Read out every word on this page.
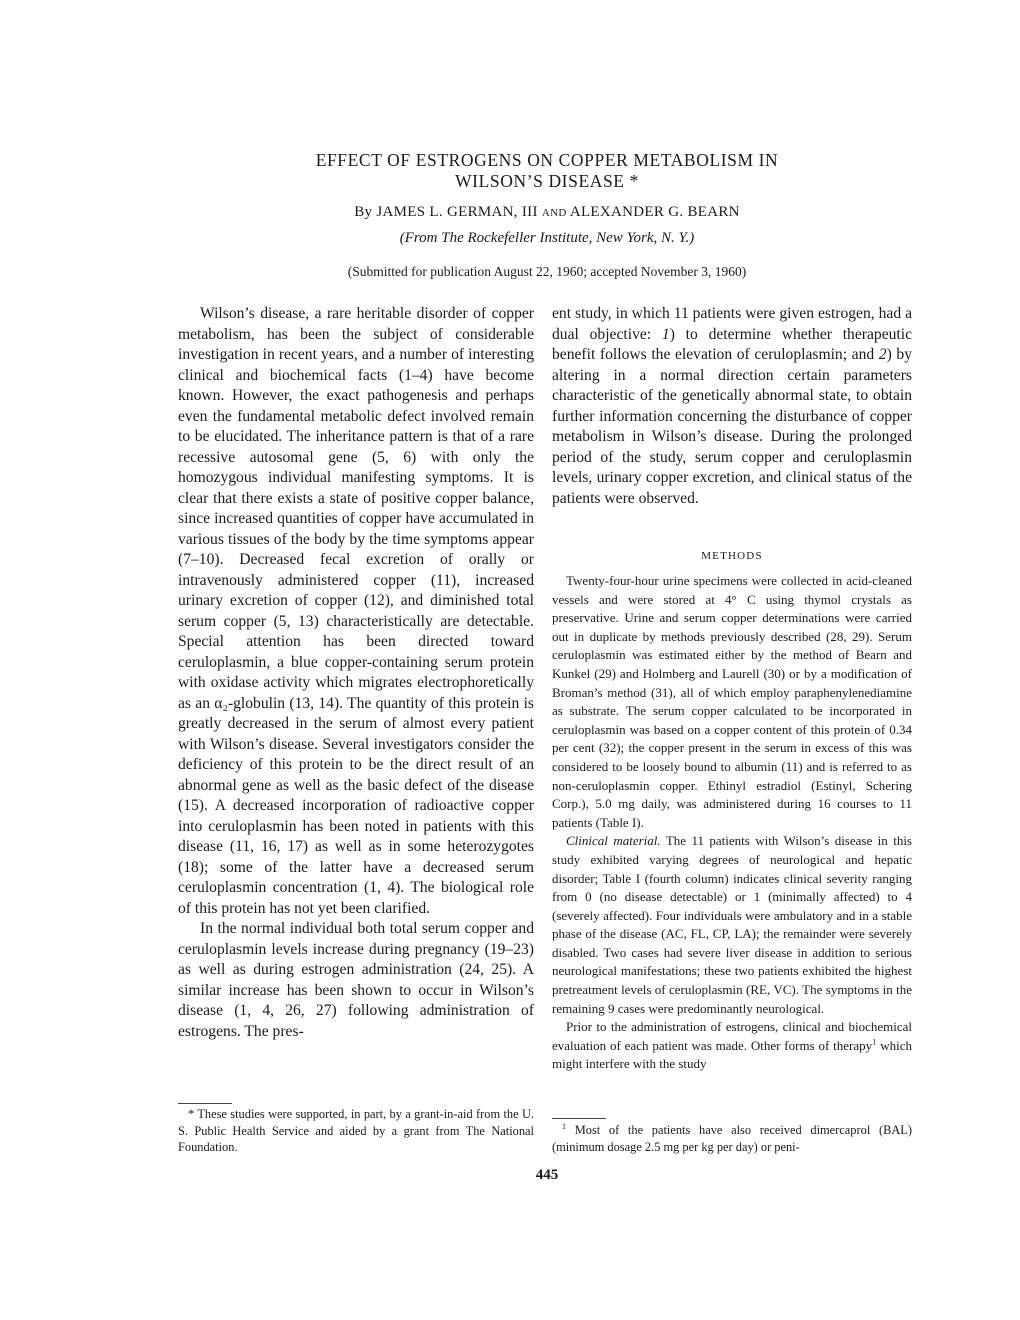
EFFECT OF ESTROGENS ON COPPER METABOLISM IN
WILSON’S DISEASE *
By JAMES L. GERMAN, III AND ALEXANDER G. BEARN
(From The Rockefeller Institute, New York, N. Y.)
(Submitted for publication August 22, 1960; accepted November 3, 1960)

Wilson’s disease, a rare heritable disorder of copper metabolism, has been the subject of considerable investigation in recent years, and a number of interesting clinical and biochemical facts (1–4) have become known. However, the exact pathogenesis and perhaps even the fundamental metabolic defect involved remain to be elucidated. The inheritance pattern is that of a rare recessive autosomal gene (5, 6) with only the homozygous individual manifesting symptoms. It is clear that there exists a state of positive copper balance, since increased quantities of copper have accumulated in various tissues of the body by the time symptoms appear (7–10). Decreased fecal excretion of orally or intravenously administered copper (11), increased urinary excretion of copper (12), and diminished total serum copper (5, 13) characteristically are detectable. Special attention has been directed toward ceruloplasmin, a blue copper-containing serum protein with oxidase activity which migrates electrophoretically as an α₂-globulin (13, 14). The quantity of this protein is greatly decreased in the serum of almost every patient with Wilson’s disease. Several investigators consider the deficiency of this protein to be the direct result of an abnormal gene as well as the basic defect of the disease (15). A decreased incorporation of radioactive copper into ceruloplasmin has been noted in patients with this disease (11, 16, 17) as well as in some heterozygotes (18); some of the latter have a decreased serum ceruloplasmin concentration (1, 4). The biological role of this protein has not yet been clarified.

In the normal individual both total serum copper and ceruloplasmin levels increase during pregnancy (19–23) as well as during estrogen administration (24, 25). A similar increase has been shown to occur in Wilson’s disease (1, 4, 26, 27) following administration of estrogens. The pres-

ent study, in which 11 patients were given estrogen, had a dual objective: 1) to determine whether therapeutic benefit follows the elevation of ceruloplasmin; and 2) by altering in a normal direction certain parameters characteristic of the genetically abnormal state, to obtain further information concerning the disturbance of copper metabolism in Wilson’s disease. During the prolonged period of the study, serum copper and ceruloplasmin levels, urinary copper excretion, and clinical status of the patients were observed.

METHODS

Twenty-four-hour urine specimens were collected in acid-cleaned vessels and were stored at 4° C using thymol crystals as preservative. Urine and serum copper determinations were carried out in duplicate by methods previously described (28, 29). Serum ceruloplasmin was estimated either by the method of Bearn and Kunkel (29) and Holmberg and Laurell (30) or by a modification of Broman’s method (31), all of which employ paraphenylenediamine as substrate. The serum copper calculated to be incorporated in ceruloplasmin was based on a copper content of this protein of 0.34 per cent (32); the copper present in the serum in excess of this was considered to be loosely bound to albumin (11) and is referred to as non-ceruloplasmin copper. Ethinyl estradiol (Estinyl, Schering Corp.), 5.0 mg daily, was administered during 16 courses to 11 patients (Table I).

Clinical material. The 11 patients with Wilson’s disease in this study exhibited varying degrees of neurological and hepatic disorder; Table I (fourth column) indicates clinical severity ranging from 0 (no disease detectable) or 1 (minimally affected) to 4 (severely affected). Four individuals were ambulatory and in a stable phase of the disease (AC, FL, CP, LA); the remainder were severely disabled. Two cases had severe liver disease in addition to serious neurological manifestations; these two patients exhibited the highest pretreatment levels of ceruloplasmin (RE, VC). The symptoms in the remaining 9 cases were predominantly neurological.

Prior to the administration of estrogens, clinical and biochemical evaluation of each patient was made. Other forms of therapy$^1$ which might interfere with the study

* These studies were supported, in part, by a grant-in-aid from the U. S. Public Health Service and aided by a grant from The National Foundation.
$^1$ Most of the patients have also received dimercaprol (BAL) (minimum dosage 2.5 mg per kg per day) or peni-
445
